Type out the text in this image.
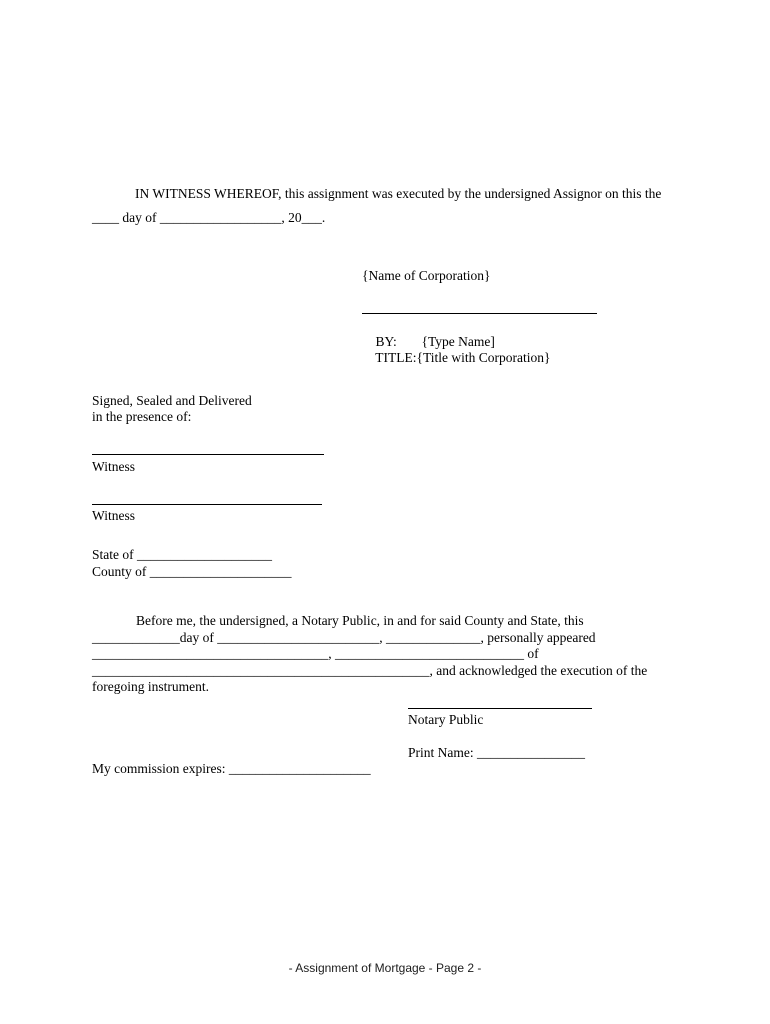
IN WITNESS WHEREOF, this assignment was executed by the undersigned Assignor on this the
____ day of __________________, 20___.
{Name of Corporation}

BY: {Type Name]

TITLE:{Title with Corporation}

Signed, Sealed and Delivered
in the presence of:
Witness
Witness
State of ____________________
County of _____________________
Before me, the undersigned, a Notary Public, in and for said County and State, this
_____________day of ________________________, ______________, personally appeared
___________________________________, ____________________________ of
__________________________________________________, and acknowledged the execution of the
foregoing instrument.
Notary Public
Print Name: ________________
My commission expires: _____________________
- Assignment of Mortgage - Page 2 -
